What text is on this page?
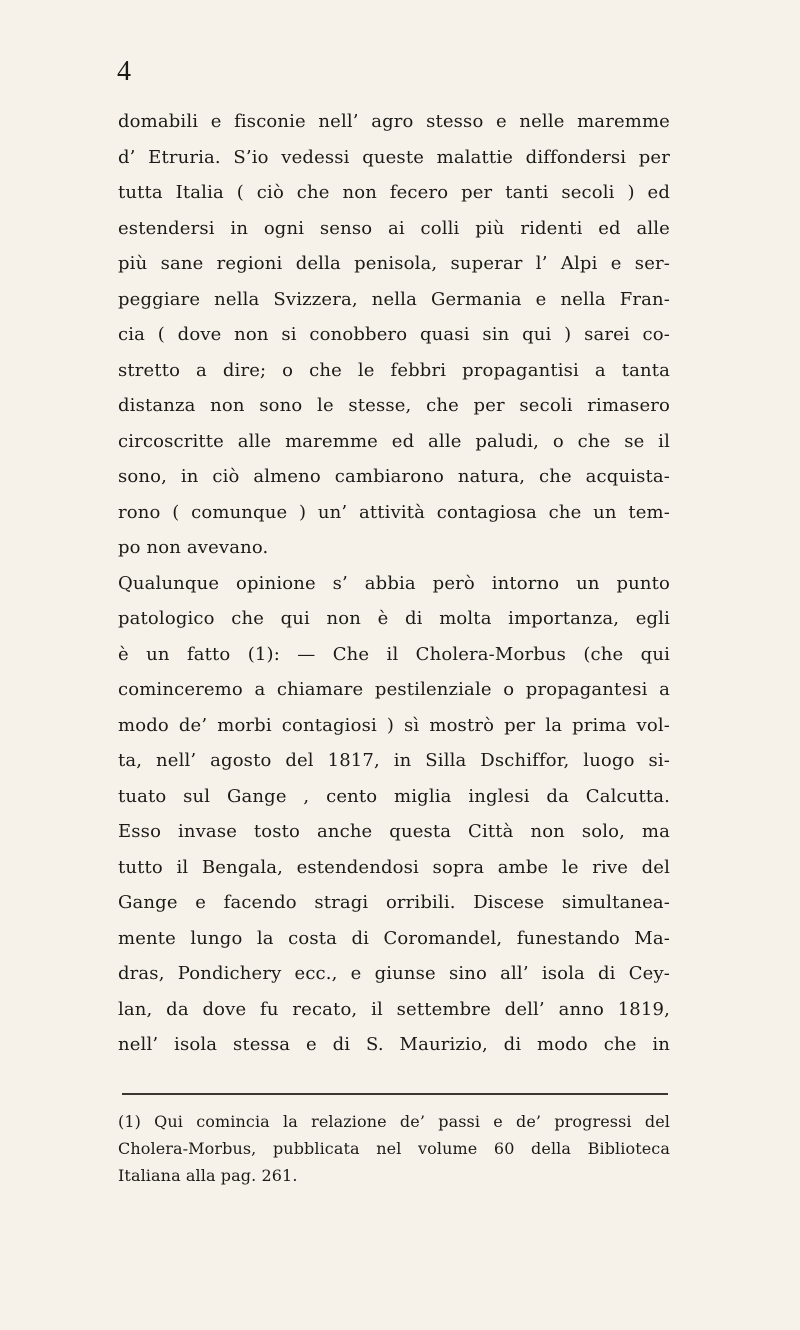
4
domabili e fisconie nell’ agro stesso e nelle maremme
d’ Etruria. S’io vedessi queste malattie diffondersi per
tutta Italia ( ciò che non fecero per tanti secoli ) ed
estendersi in ogni senso ai colli più ridenti ed alle
più sane regioni della penisola, superar l’ Alpi e ser-
peggiare nella Svizzera, nella Germania e nella Fran-
cia ( dove non si conobbero quasi sin qui ) sarei co-
stretto a dire; o che le febbri propagantisi a tanta
distanza non sono le stesse, che per secoli rimasero
circoscritte alle maremme ed alle paludi, o che se il
sono, in ciò almeno cambiarono natura, che acquista-
rono ( comunque ) un’ attività contagiosa che un tem-
po non avevano.
Qualunque opinione s’ abbia però intorno un punto
patologico che qui non è di molta importanza, egli
è un fatto (1): — Che il Cholera-Morbus (che qui
cominceremo a chiamare pestilenziale o propagantesi a
modo de’ morbi contagiosi ) sì mostrò per la prima vol-
ta, nell’ agosto del 1817, in Silla Dschiffor, luogo si-
tuato sul Gange , cento miglia inglesi da Calcutta.
Esso invase tosto anche questa Città non solo, ma
tutto il Bengala, estendendosi sopra ambe le rive del
Gange e facendo stragi orribili. Discese simultanea-
mente lungo la costa di Coromandel, funestando Ma-
dras, Pondichery ecc., e giunse sino all’ isola di Cey-
lan, da dove fu recato, il settembre dell’ anno 1819,
nell’ isola stessa e di S. Maurizio, di modo che in
(1) Qui comincia la relazione de’ passi e de’ progressi del
Cholera-Morbus, pubblicata nel volume 60 della Biblioteca
Italiana alla pag. 261.
